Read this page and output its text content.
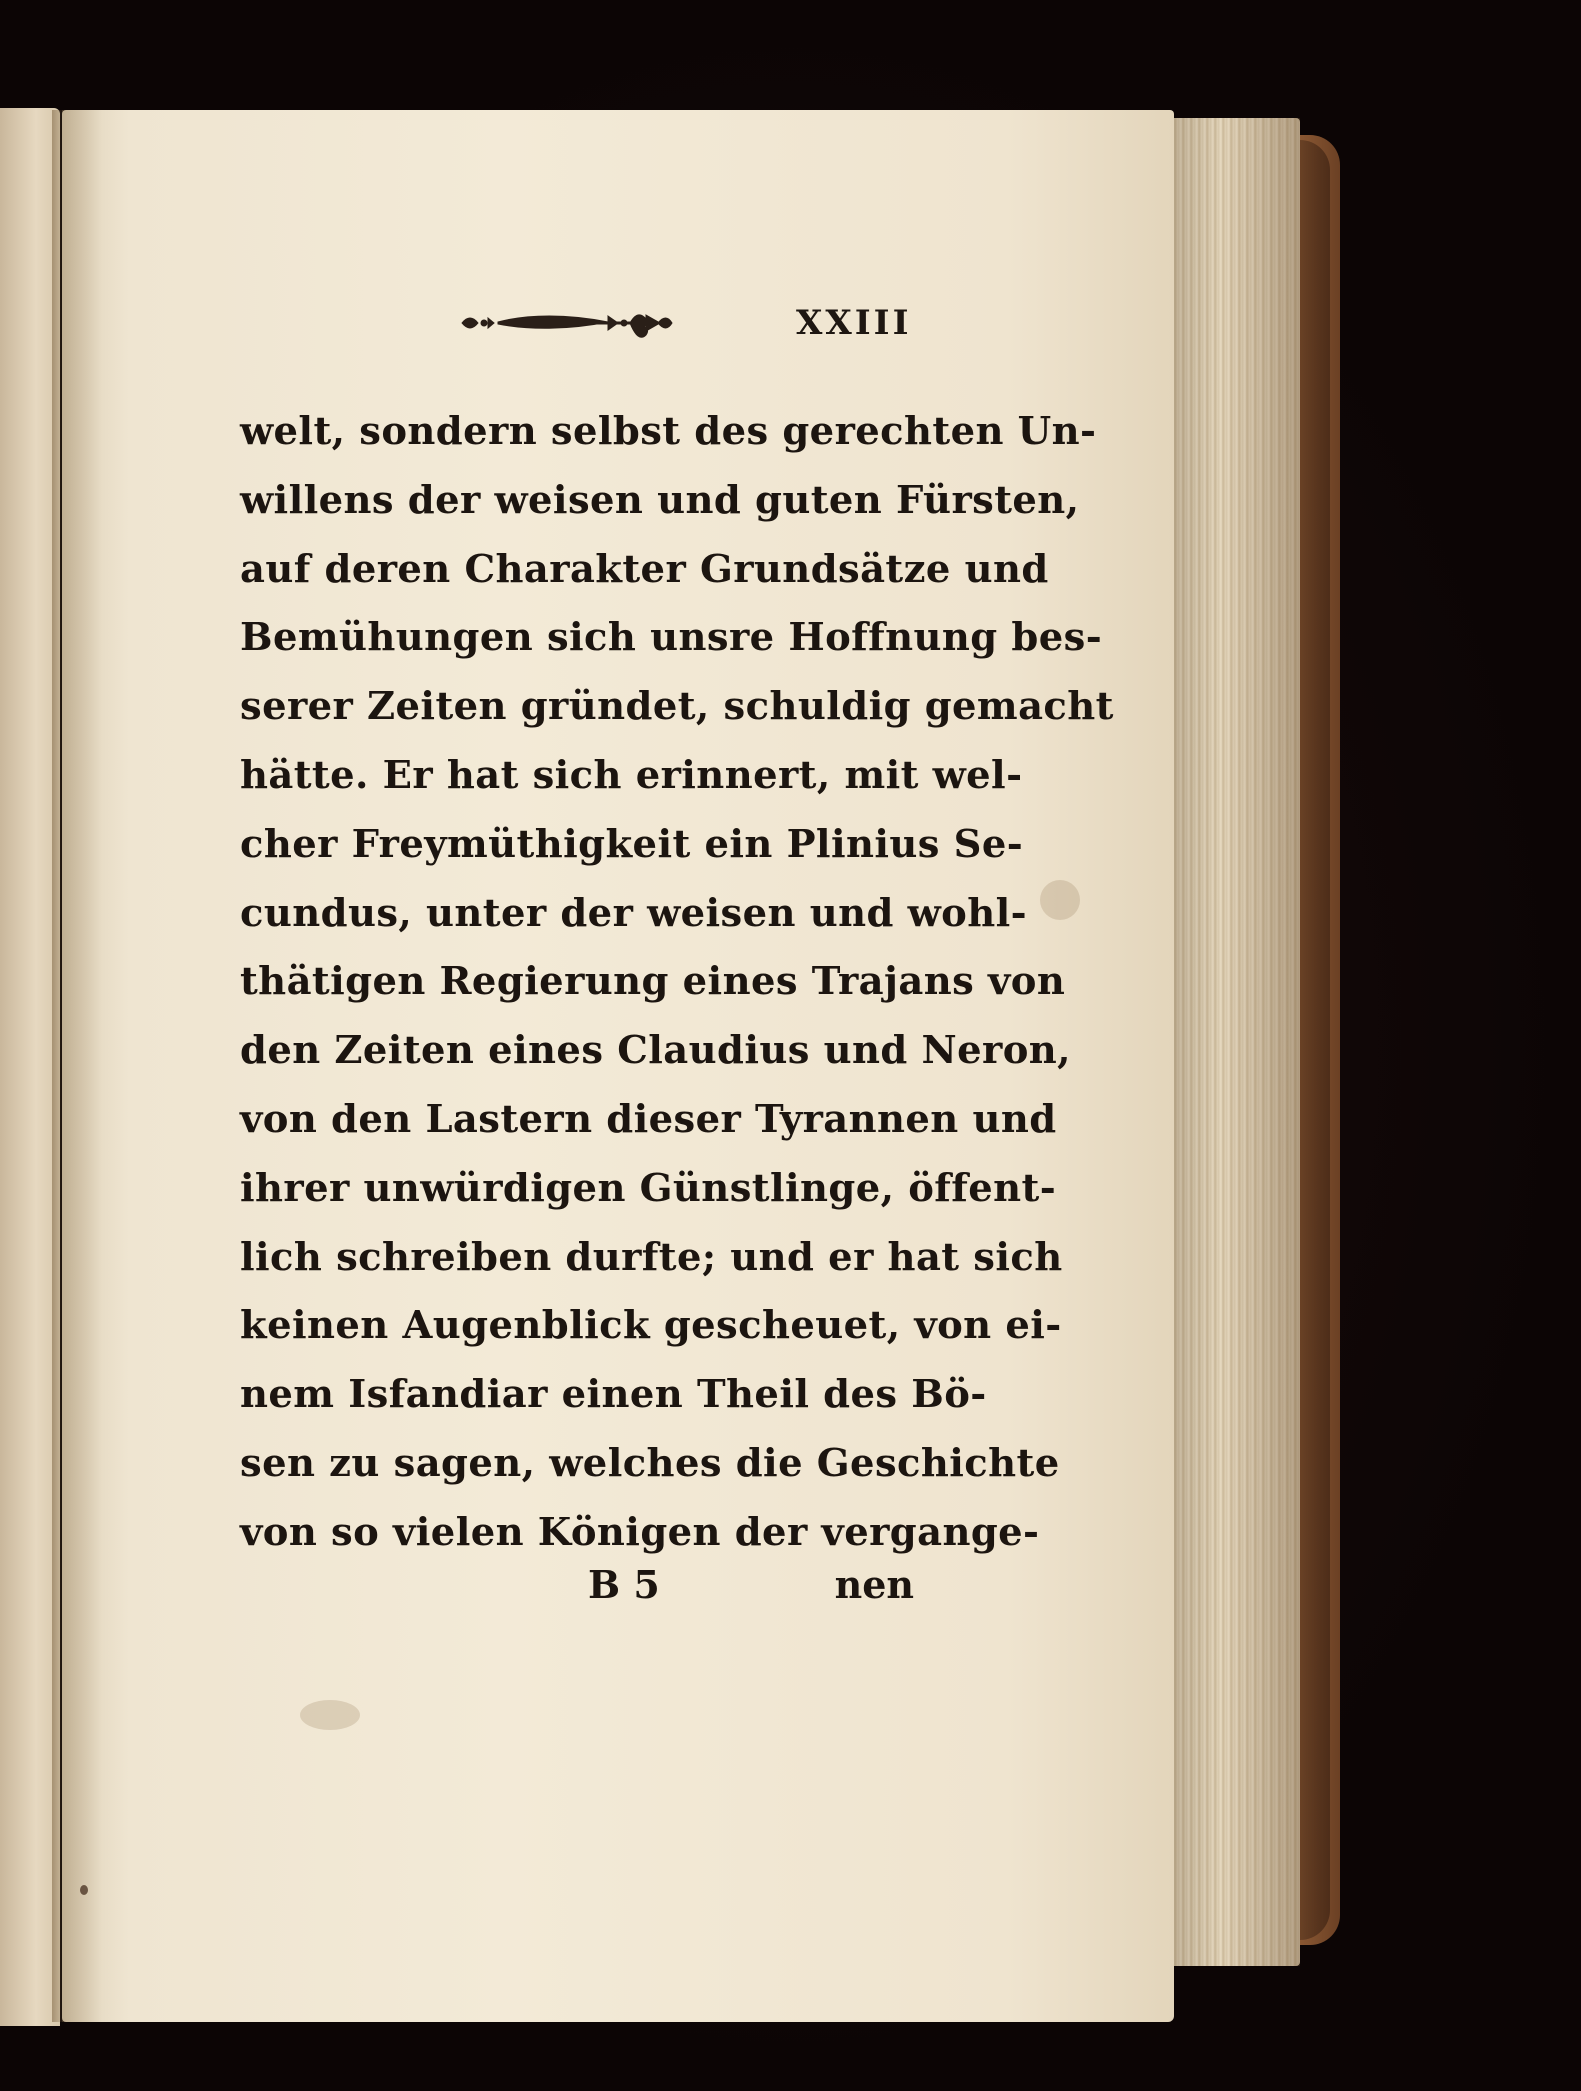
XXIII
welt, sondern selbst des gerechten Un-
willens der weisen und guten Fürsten,
auf deren Charakter Grundsätze und
Bemühungen sich unsre Hoffnung bes-
serer Zeiten gründet, schuldig gemacht
hätte. Er hat sich erinnert, mit wel-
cher Freymüthigkeit ein Plinius Se-
cundus, unter der weisen und wohl-
thätigen Regierung eines Trajans von
den Zeiten eines Claudius und Neron,
von den Lastern dieser Tyrannen und
ihrer unwürdigen Günstlinge, öffent-
lich schreiben durfte; und er hat sich
keinen Augenblick gescheuet, von ei-
nem Isfandiar einen Theil des Bö-
sen zu sagen, welches die Geschichte
von so vielen Königen der vergange-
B 5	nen
